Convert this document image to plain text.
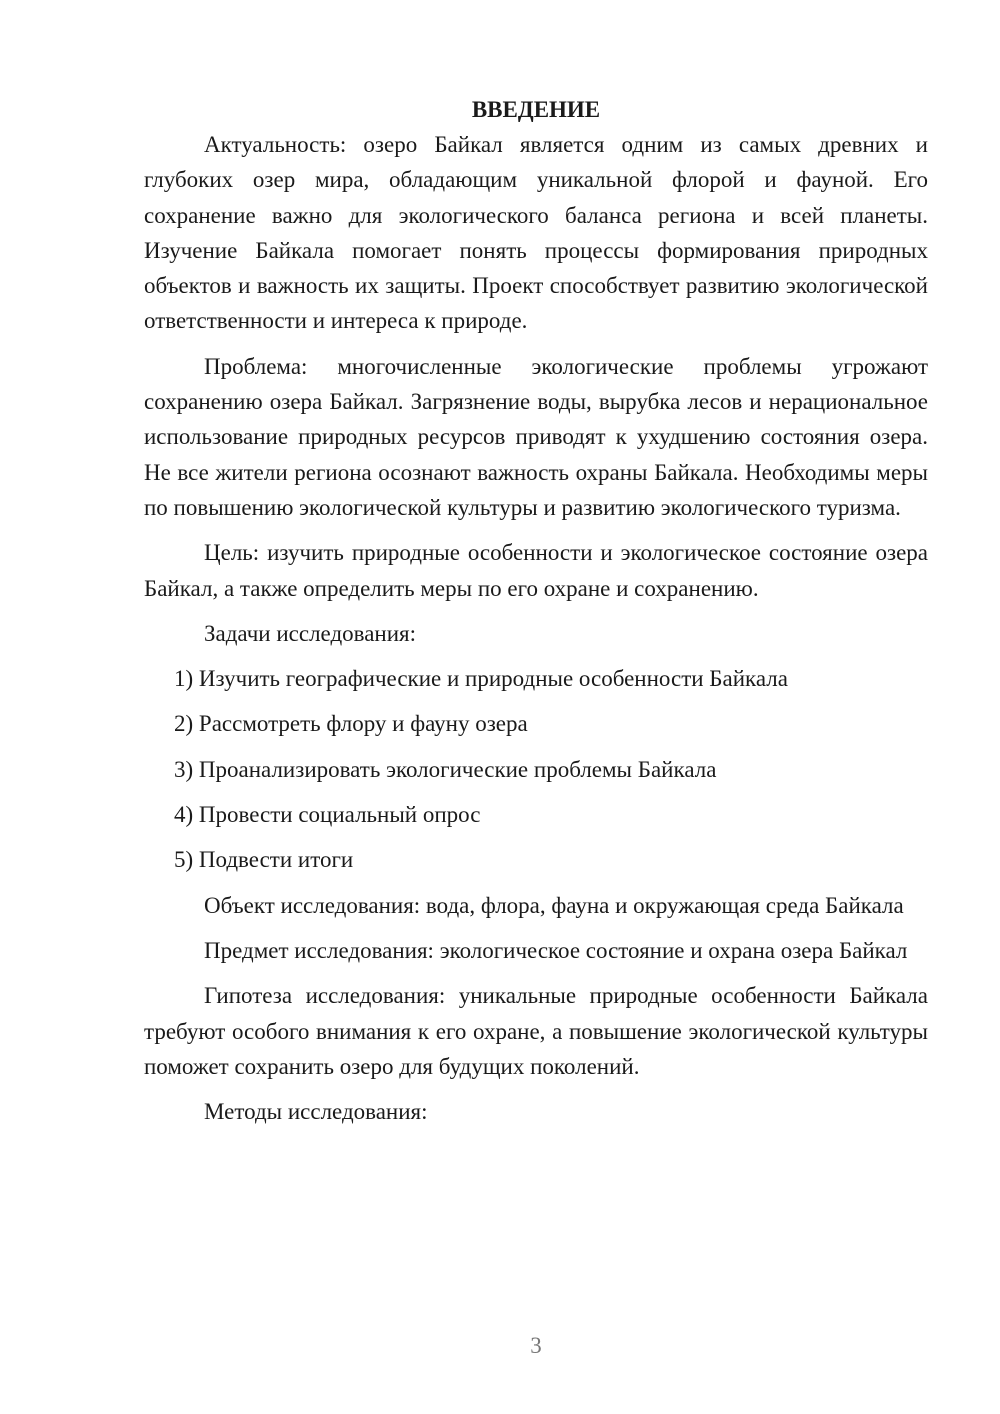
ВВЕДЕНИЕ

Актуальность: озеро Байкал является одним из самых древних и глубоких озер мира, обладающим уникальной флорой и фауной. Его сохранение важно для экологического баланса региона и всей планеты. Изучение Байкала помогает понять процессы формирования природных объектов и важность их защиты. Проект способствует развитию экологической ответственности и интереса к природе.

Проблема: многочисленные экологические проблемы угрожают сохранению озера Байкал. Загрязнение воды, вырубка лесов и нерациональное использование природных ресурсов приводят к ухудшению состояния озера. Не все жители региона осознают важность охраны Байкала. Необходимы меры по повышению экологической культуры и развитию экологического туризма.

Цель: изучить природные особенности и экологическое состояние озера Байкал, а также определить меры по его охране и сохранению.

Задачи исследования:

1) Изучить географические и природные особенности Байкала
2) Рассмотреть флору и фауну озера
3) Проанализировать экологические проблемы Байкала
4) Провести социальный опрос
5) Подвести итоги

Объект исследования: вода, флора, фауна и окружающая среда Байкала

Предмет исследования: экологическое состояние и охрана озера Байкал

Гипотеза исследования: уникальные природные особенности Байкала требуют особого внимания к его охране, а повышение экологической культуры поможет сохранить озеро для будущих поколений.

Методы исследования:

3
